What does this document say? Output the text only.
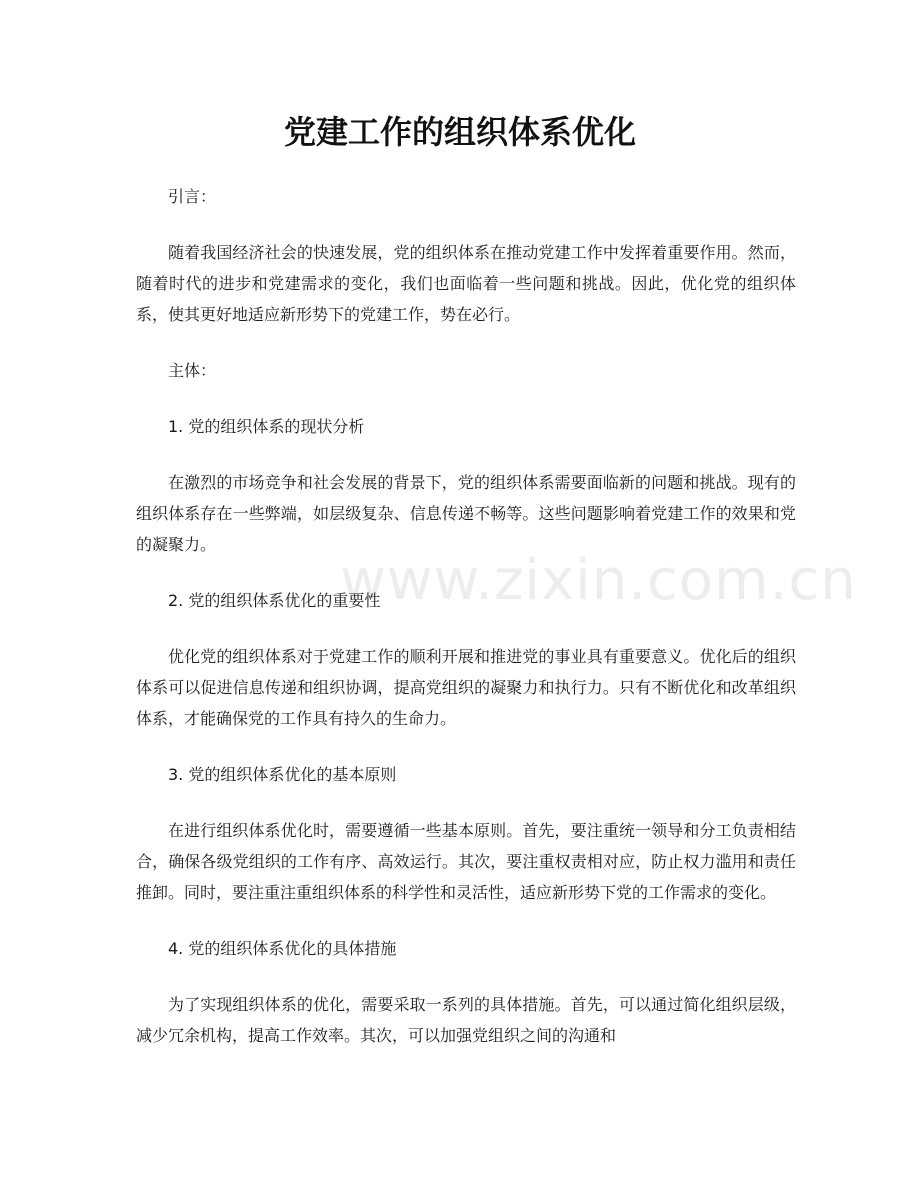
www.zixin.com.cn
党建工作的组织体系优化

引言：

随着我国经济社会的快速发展，党的组织体系在推动党建工作中发挥着重要作用。然而，随着时代的进步和党建需求的变化，我们也面临着一些问题和挑战。因此，优化党的组织体系，使其更好地适应新形势下的党建工作，势在必行。

主体：

1. 党的组织体系的现状分析

在激烈的市场竞争和社会发展的背景下，党的组织体系需要面临新的问题和挑战。现有的组织体系存在一些弊端，如层级复杂、信息传递不畅等。这些问题影响着党建工作的效果和党的凝聚力。

2. 党的组织体系优化的重要性

优化党的组织体系对于党建工作的顺利开展和推进党的事业具有重要意义。优化后的组织体系可以促进信息传递和组织协调，提高党组织的凝聚力和执行力。只有不断优化和改革组织体系，才能确保党的工作具有持久的生命力。

3. 党的组织体系优化的基本原则

在进行组织体系优化时，需要遵循一些基本原则。首先，要注重统一领导和分工负责相结合，确保各级党组织的工作有序、高效运行。其次，要注重权责相对应，防止权力滥用和责任推卸。同时，要注重注重组织体系的科学性和灵活性，适应新形势下党的工作需求的变化。

4. 党的组织体系优化的具体措施

为了实现组织体系的优化，需要采取一系列的具体措施。首先，可以通过简化组织层级，减少冗余机构，提高工作效率。其次，可以加强党组织之间的沟通和
